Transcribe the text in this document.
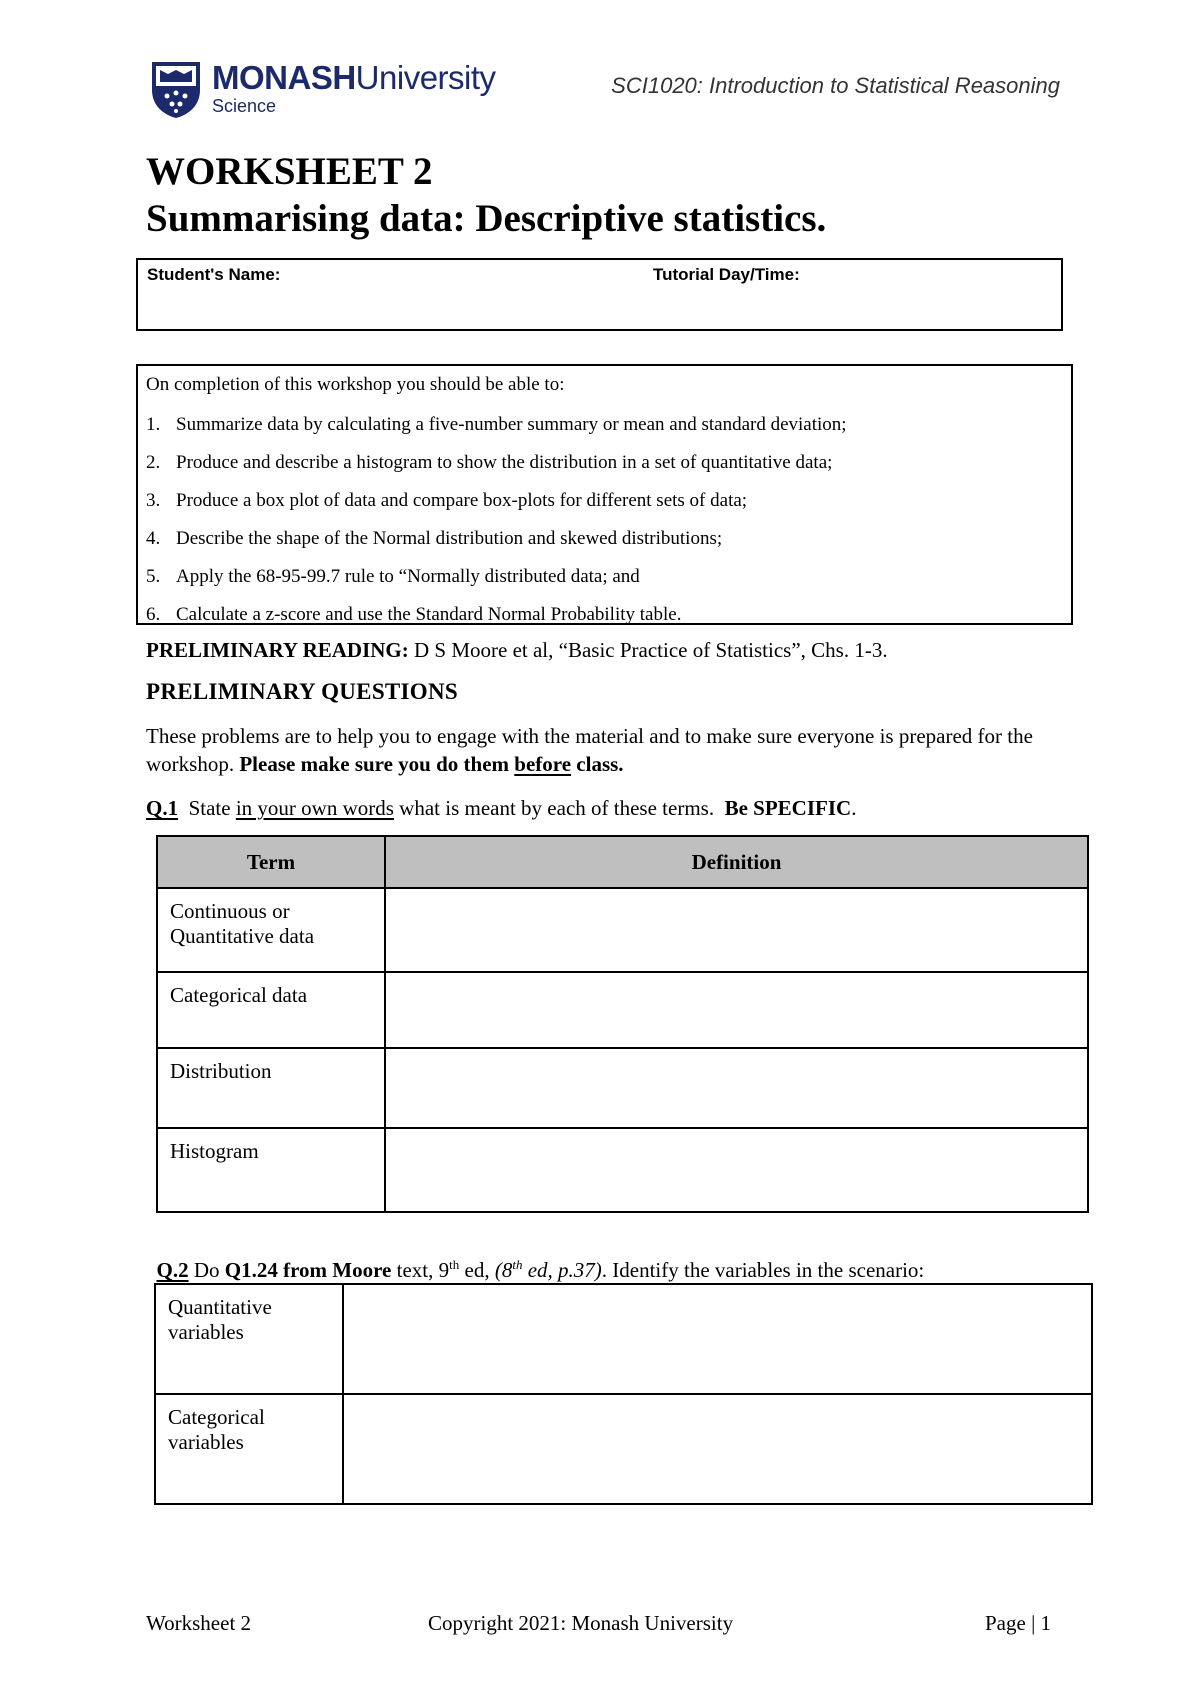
MONASHUniversity
Science
SCI1020: Introduction to Statistical Reasoning
WORKSHEET 2
Summarising data: Descriptive statistics.
Student's Name:	Tutorial Day/Time:
On completion of this workshop you should be able to:
1. Summarize data by calculating a five-number summary or mean and standard deviation;
2. Produce and describe a histogram to show the distribution in a set of quantitative data;
3. Produce a box plot of data and compare box-plots for different sets of data;
4. Describe the shape of the Normal distribution and skewed distributions;
5. Apply the 68-95-99.7 rule to “Normally distributed data; and
6. Calculate a z-score and use the Standard Normal Probability table.
PRELIMINARY READING: D S Moore et al, “Basic Practice of Statistics”, Chs. 1-3.
PRELIMINARY QUESTIONS
These problems are to help you to engage with the material and to make sure everyone is prepared for the workshop. Please make sure you do them before class.
Q.1  State in your own words what is meant by each of these terms.  Be SPECIFIC.
Term	Definition

Continuous or
Quantitative data	

Categorical data	

Distribution	

Histogram	

Q.2 Do Q1.24 from Moore text, 9th ed, (8th ed, p.37). Identify the variables in the scenario:

Quantitative
variables	

Categorical
variables	

Worksheet 2	Copyright 2021: Monash University	Page | 1
